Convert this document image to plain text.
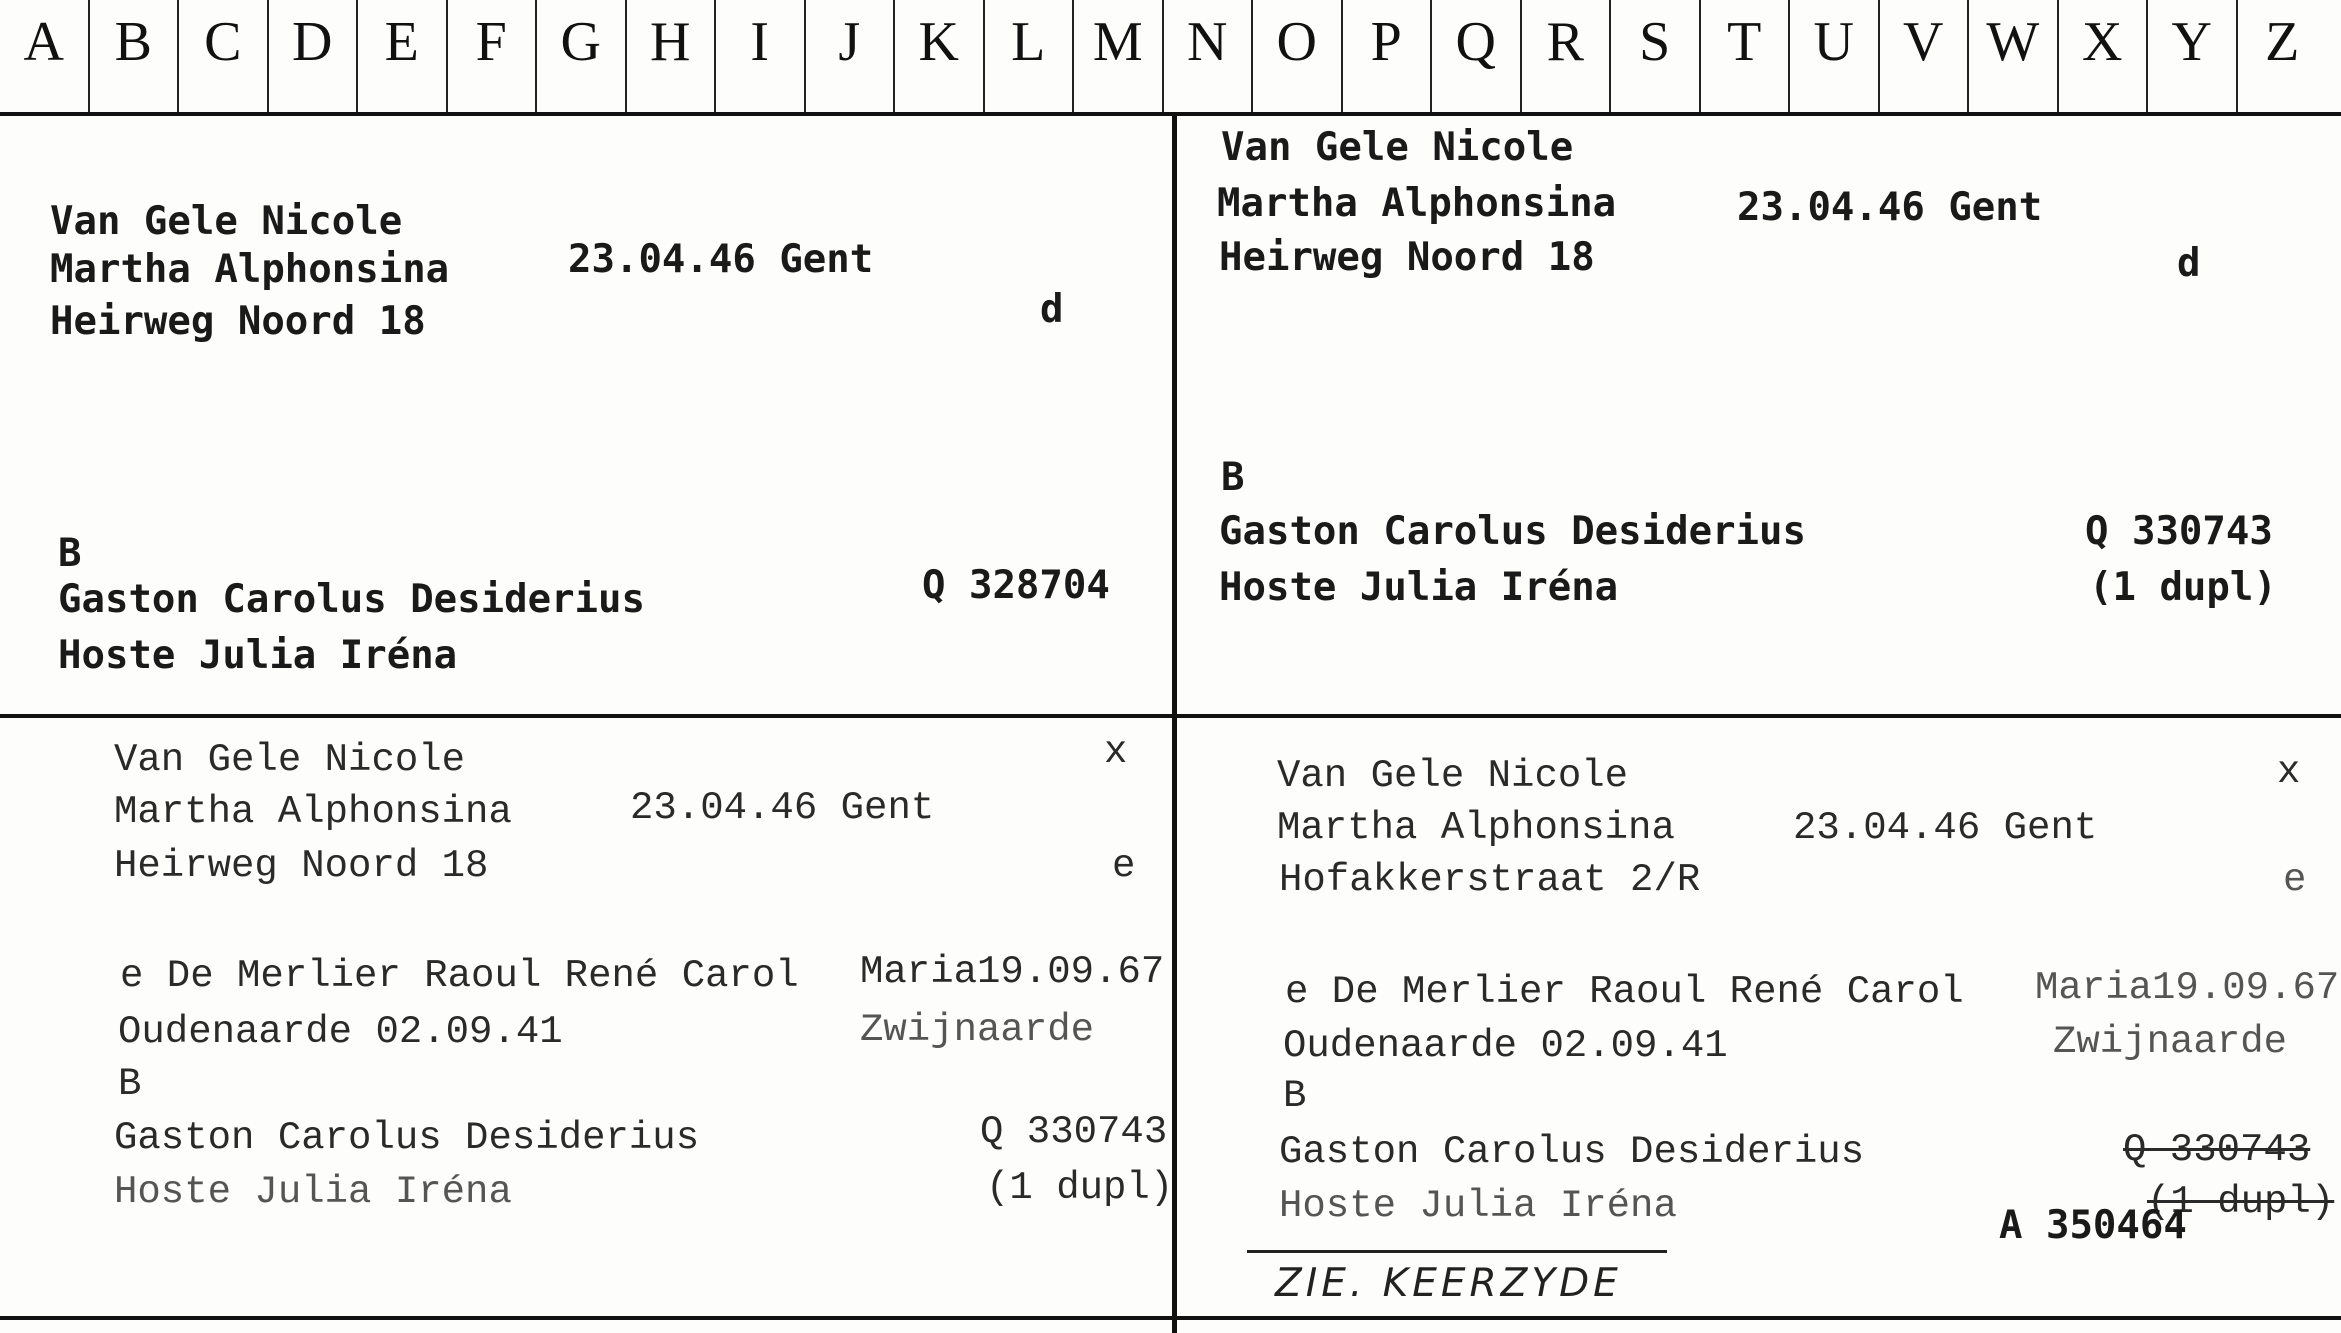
A B C D E	F G H	I	J	K L M N O P Q R S	T U V W X Y Z
Van Gele Nicole
Martha Alphonsina	23.04.46 Gent
Heirweg Noord 18	d
B
Gaston Carolus Desiderius	Q 328704
Hoste Julia Iréna
Van Gele Nicole
Martha Alphonsina	23.04.46 Gent
Heirweg Noord 18	d
B
Gaston Carolus Desiderius	Q 330743
Hoste Julia Iréna	(1 dupl)
Van Gele Nicole	x
Martha Alphonsina	23.04.46 Gent
Heirweg Noord 18	e
e De Merlier Raoul René Carol Maria19.09.67
Oudenaarde 02.09.41	Zwijnaarde
B
Gaston Carolus Desiderius	Q 330743
Hoste Julia Iréna	(1 dupl)
Van Gele Nicole	x
Martha Alphonsina	23.04.46 Gent
Hofakkerstraat 2/R	e
e De Merlier Raoul René Carol Maria19.09.67
Oudenaarde 02.09.41	Zwijnaarde
B
Gaston Carolus Desiderius	Q 330743
Hoste Julia Iréna	(1 dupl)
A 350464
ZIE. KEERZYDE
